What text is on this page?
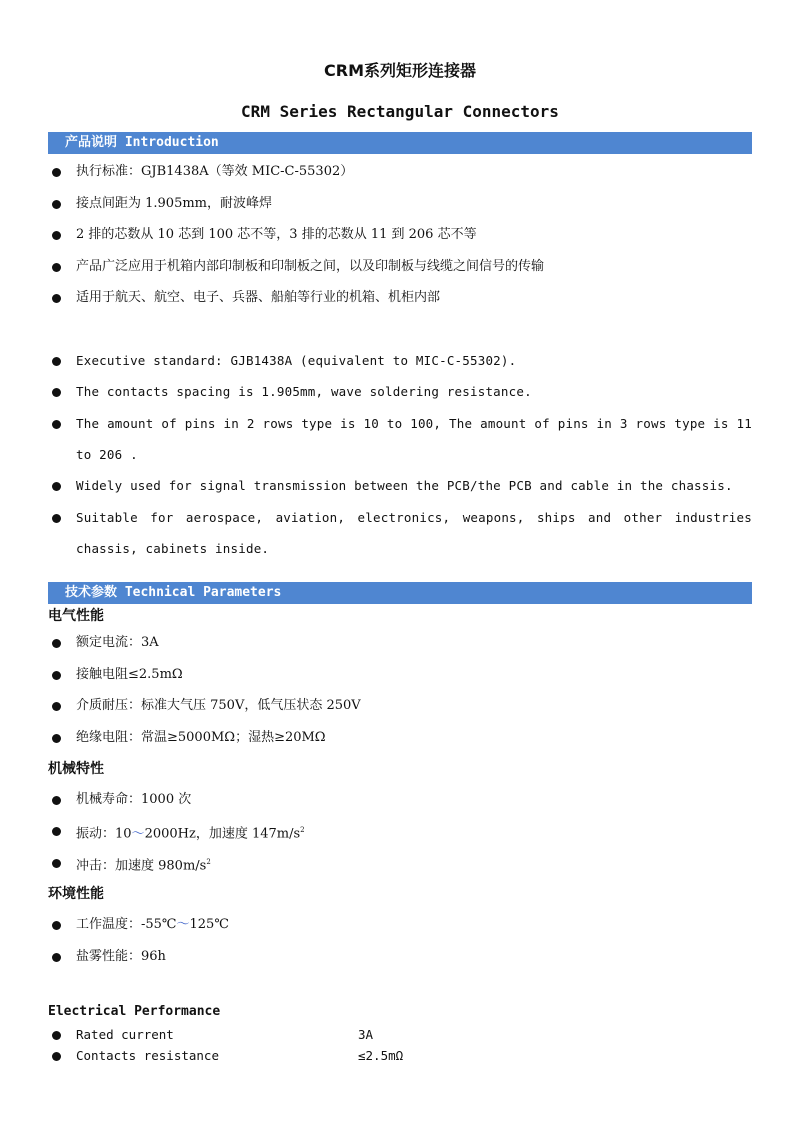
CRM系列矩形连接器
CRM Series Rectangular Connectors
产品说明 Introduction
执行标准：GJB1438A（等效 MIC-C-55302）
接点间距为 1.905mm，耐波峰焊
2 排的芯数从 10 芯到 100 芯不等，3 排的芯数从 11 到 206 芯不等
产品广泛应用于机箱内部印制板和印制板之间，以及印制板与线缆之间信号的传输
适用于航天、航空、电子、兵器、船舶等行业的机箱、机柜内部
Executive standard: GJB1438A (equivalent to MIC-C-55302).
The contacts spacing is 1.905mm, wave soldering resistance.
The amount of pins in 2 rows type is 10 to 100, The amount of pins in 3 rows type is 11 to 206 .
Widely used for signal transmission between the PCB/the PCB and cable in the chassis.
Suitable for aerospace, aviation, electronics, weapons, ships and other industries chassis, cabinets inside.
技术参数 Technical Parameters
电气性能
额定电流：3A
接触电阻≤2.5mΩ
介质耐压：标准大气压 750V，低气压状态 250V
绝缘电阻：常温≥5000MΩ；湿热≥20MΩ
机械特性
机械寿命：1000 次
振动：10～2000Hz，加速度 $147m/s^2$
冲击：加速度 $980m/s^2$
环境性能
工作温度：-55℃～125℃
盐雾性能：96h
Electrical Performance
Rated current	3A
Contacts resistance	≤2.5mΩ
